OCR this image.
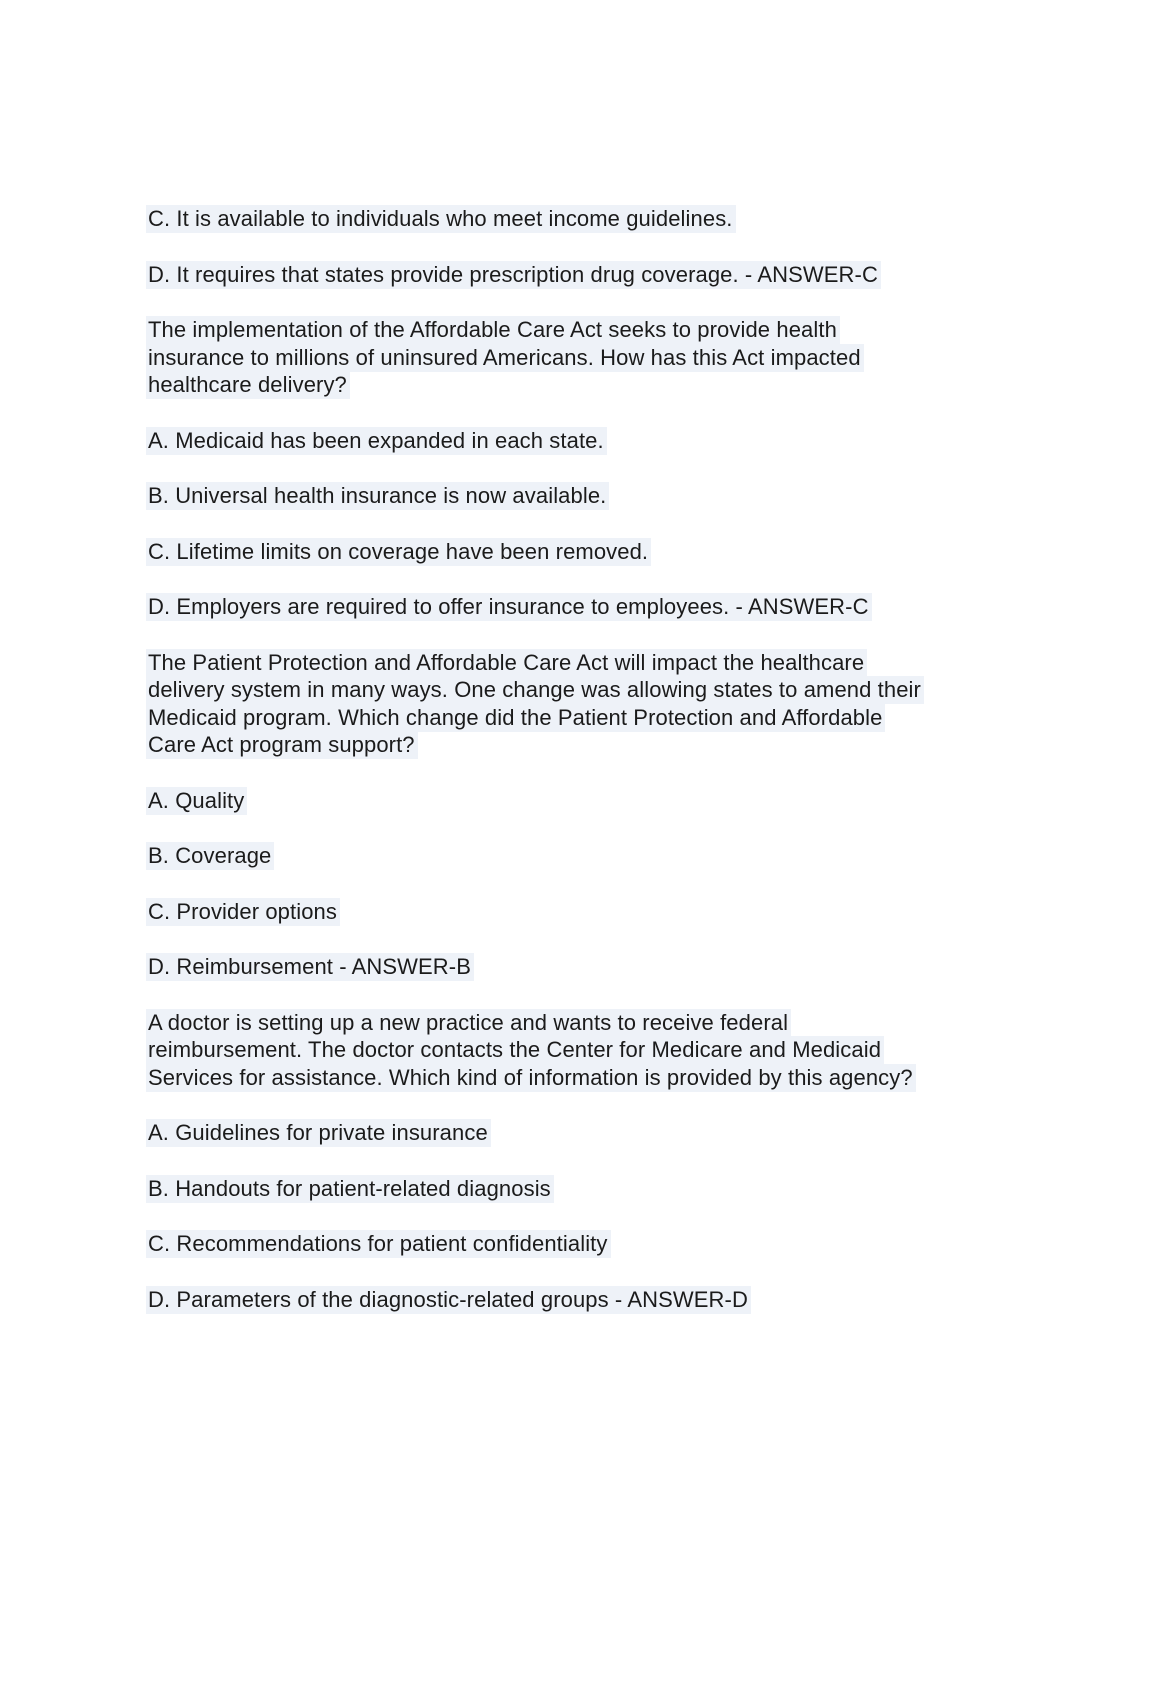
C. It is available to individuals who meet income guidelines.

D. It requires that states provide prescription drug coverage. - ANSWER-C

The implementation of the Affordable Care Act seeks to provide health insurance to millions of uninsured Americans. How has this Act impacted healthcare delivery?

A. Medicaid has been expanded in each state.

B. Universal health insurance is now available.

C. Lifetime limits on coverage have been removed.

D. Employers are required to offer insurance to employees. - ANSWER-C

The Patient Protection and Affordable Care Act will impact the healthcare delivery system in many ways. One change was allowing states to amend their Medicaid program. Which change did the Patient Protection and Affordable Care Act program support?

A. Quality

B. Coverage

C. Provider options

D. Reimbursement - ANSWER-B

A doctor is setting up a new practice and wants to receive federal reimbursement. The doctor contacts the Center for Medicare and Medicaid Services for assistance. Which kind of information is provided by this agency?

A. Guidelines for private insurance

B. Handouts for patient-related diagnosis

C. Recommendations for patient confidentiality

D. Parameters of the diagnostic-related groups - ANSWER-D
